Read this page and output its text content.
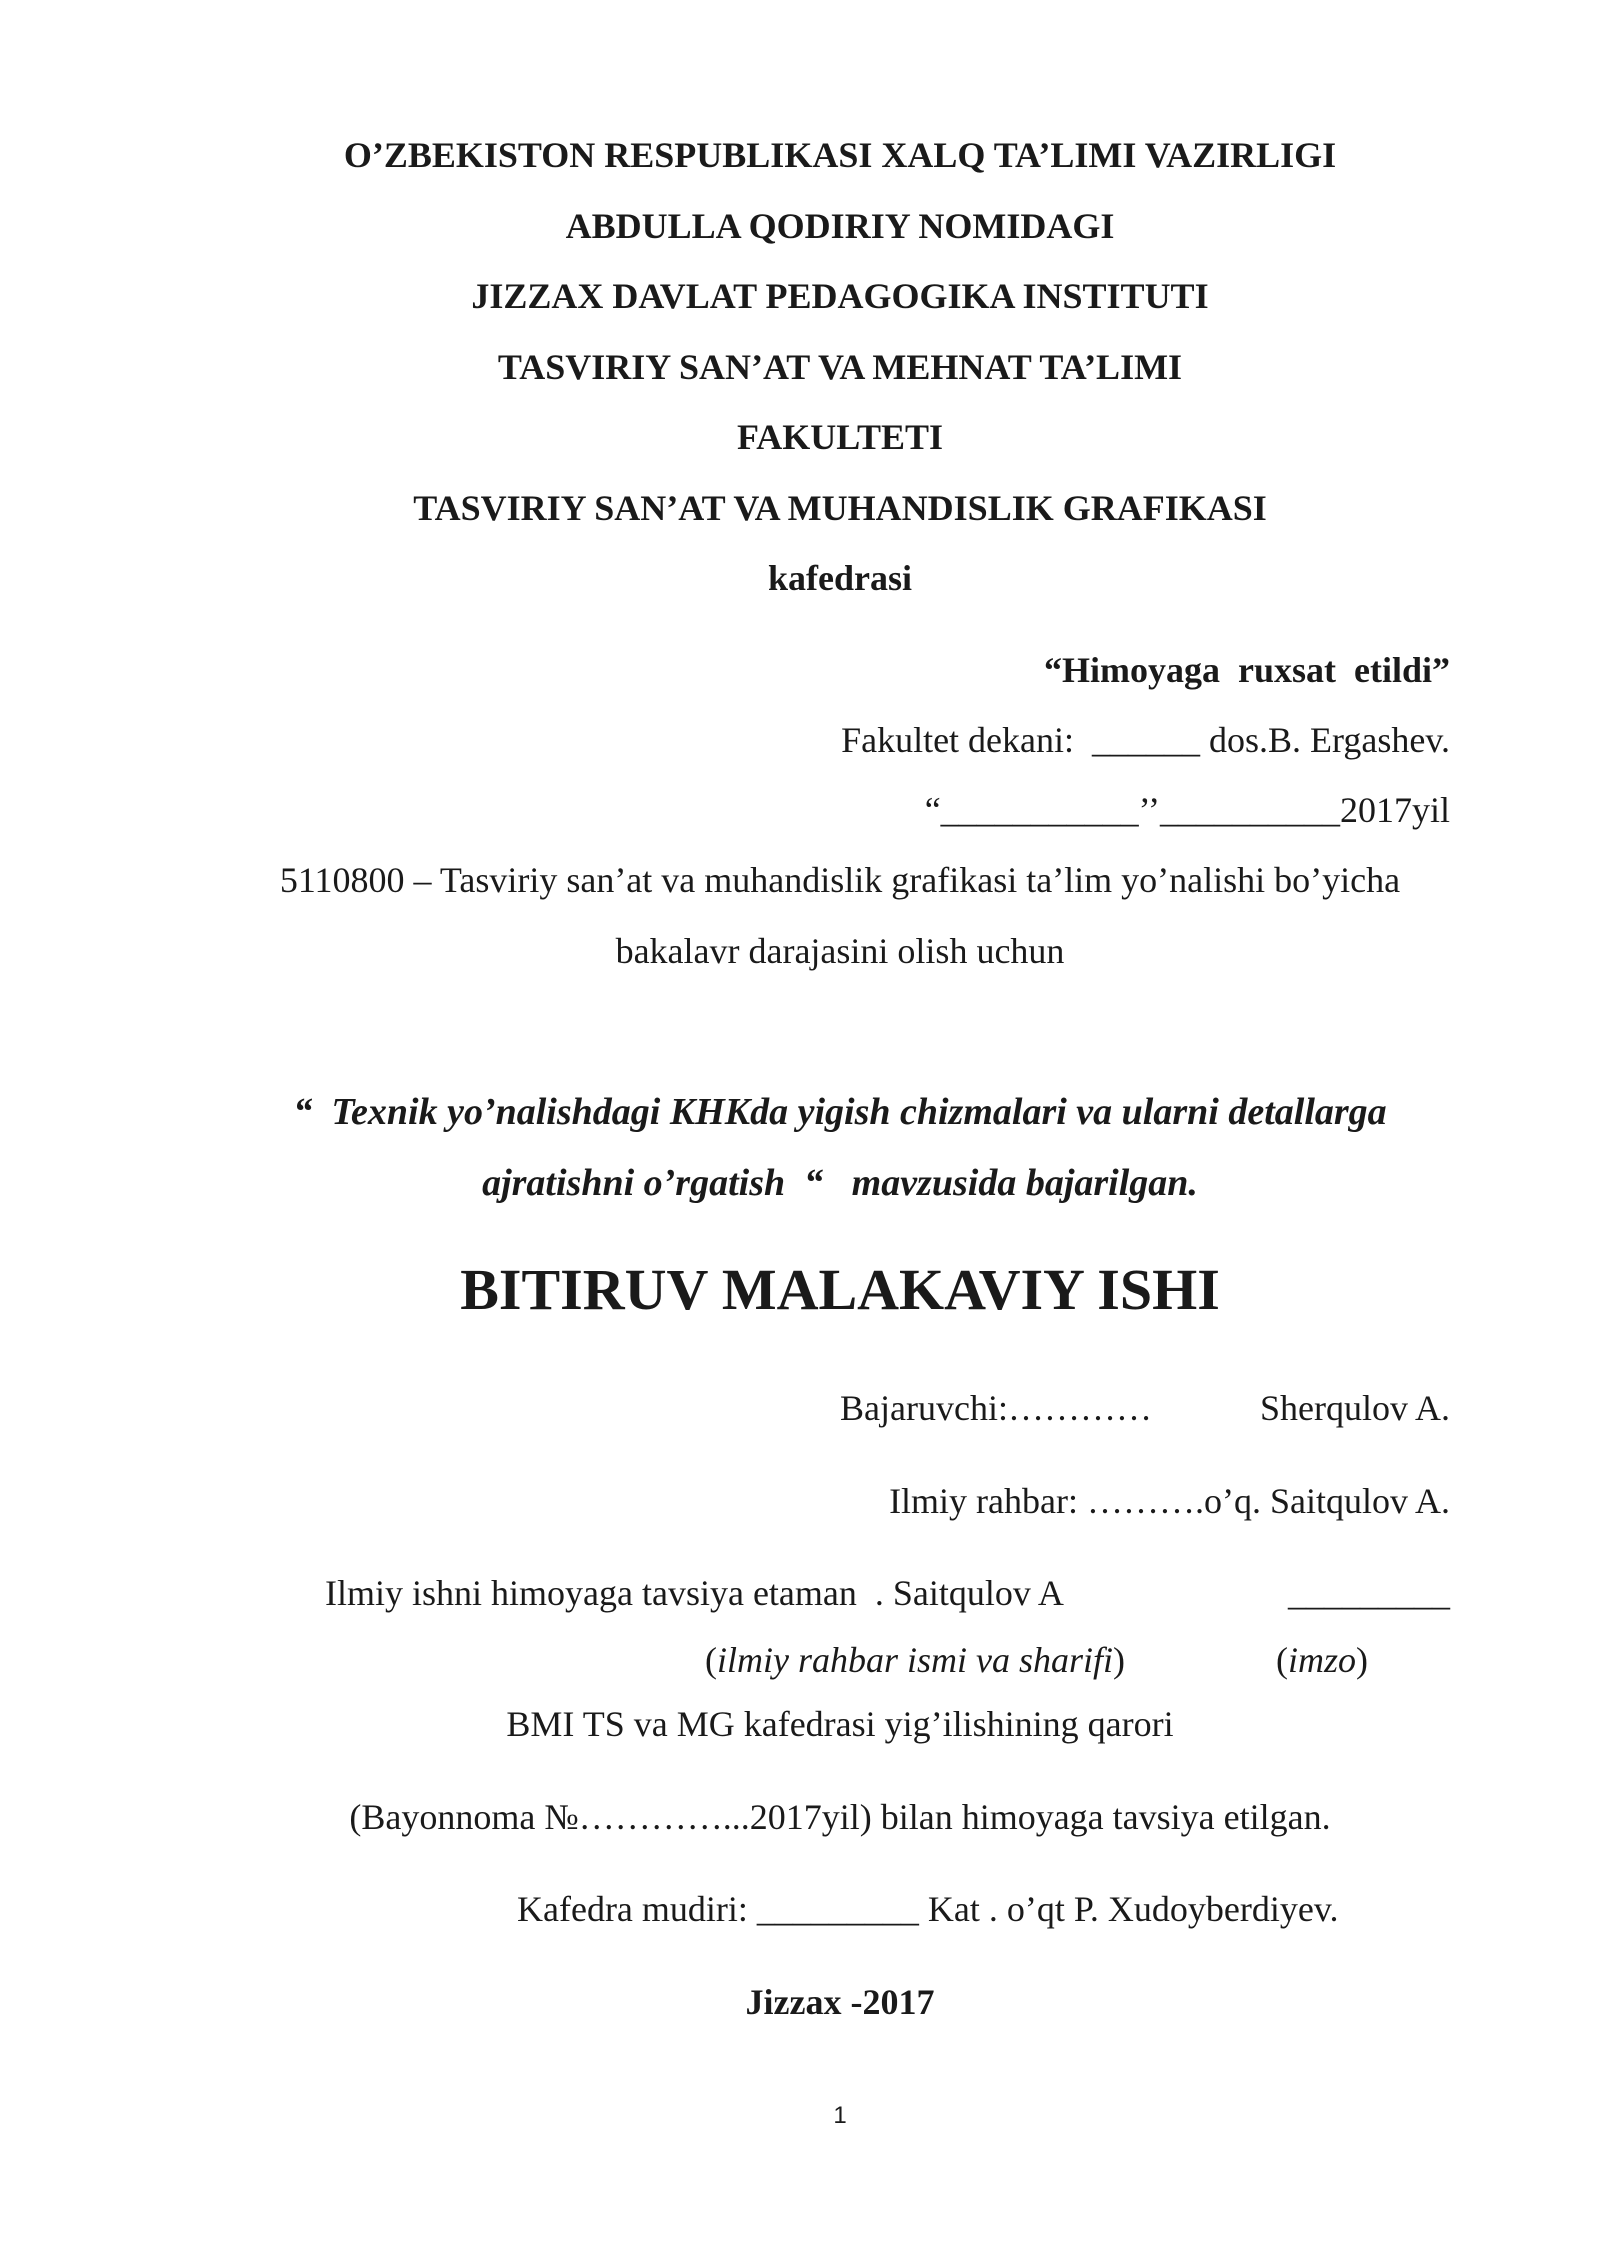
O’ZBEKISTON RESPUBLIKASI XALQ TA’LIMI VAZIRLIGI
ABDULLA QODIRIY NOMIDAGI
JIZZAX DAVLAT PEDAGOGIKA INSTITUTI
TASVIRIY SAN’AT VA MEHNAT TA’LIMI
FAKULTETI
TASVIRIY SAN’AT VA MUHANDISLIK GRAFIKASI
kafedrasi
“Himoyaga  ruxsat  etildi”
Fakultet dekani:  ______ dos.B. Ergashev.
“___________’’__________2017yil
5110800 – Tasviriy san’at va muhandislik grafikasi ta’lim yo’nalishi bo’yicha
bakalavr darajasini olish uchun
“  Texnik yo’nalishdagi KHKda yigish chizmalari va ularni detallarga
ajratishni o’rgatish  “   mavzusida bajarilgan.
BITIRUV MALAKAVIY ISHI
Bajaruvchi:…………	Sherqulov A.
Ilmiy rahbar: ……….o’q. Saitqulov A.
Ilmiy ishni himoyaga tavsiya etaman  . Saitqulov A	_________
(ilmiy rahbar ismi va sharifi)	(imzo)
BMI TS va MG kafedrasi yig’ilishining qarori
(Bayonnoma №…………...2017yil) bilan himoyaga tavsiya etilgan.
Kafedra mudiri: _________ Kat . o’qt P. Xudoyberdiyev.
Jizzax -2017
1
